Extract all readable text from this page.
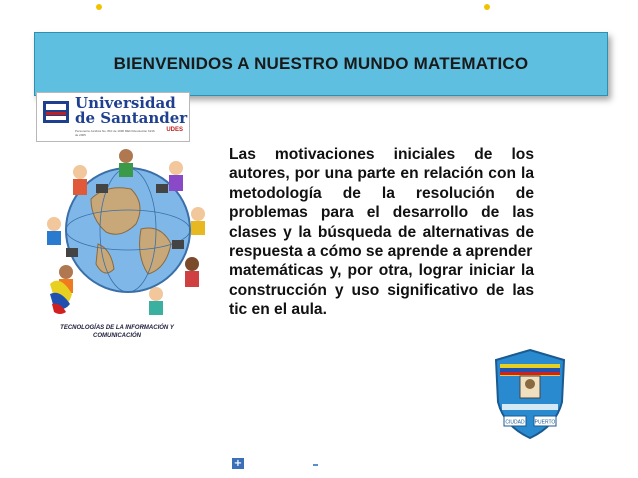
BIENVENIDOS A NUESTRO MUNDO MATEMATICO
Universidad
de Santander
Personería Jurídica No. 810 de 1996 MEN Resolución 6216 de 2005
UDES
TECNOLOGÍAS DE LA INFORMACIÓN Y COMUNICACIÓN

Las motivaciones iniciales de los autores, por una parte en relación con la metodología de la resolución de problemas para el desarrollo de las clases y la búsqueda de alternativas de respuesta a cómo se aprende a aprender

matemáticas y, por otra, lograr iniciar la construcción y uso significativo de las tic en el aula.

CIUDAD PUERTO
+
